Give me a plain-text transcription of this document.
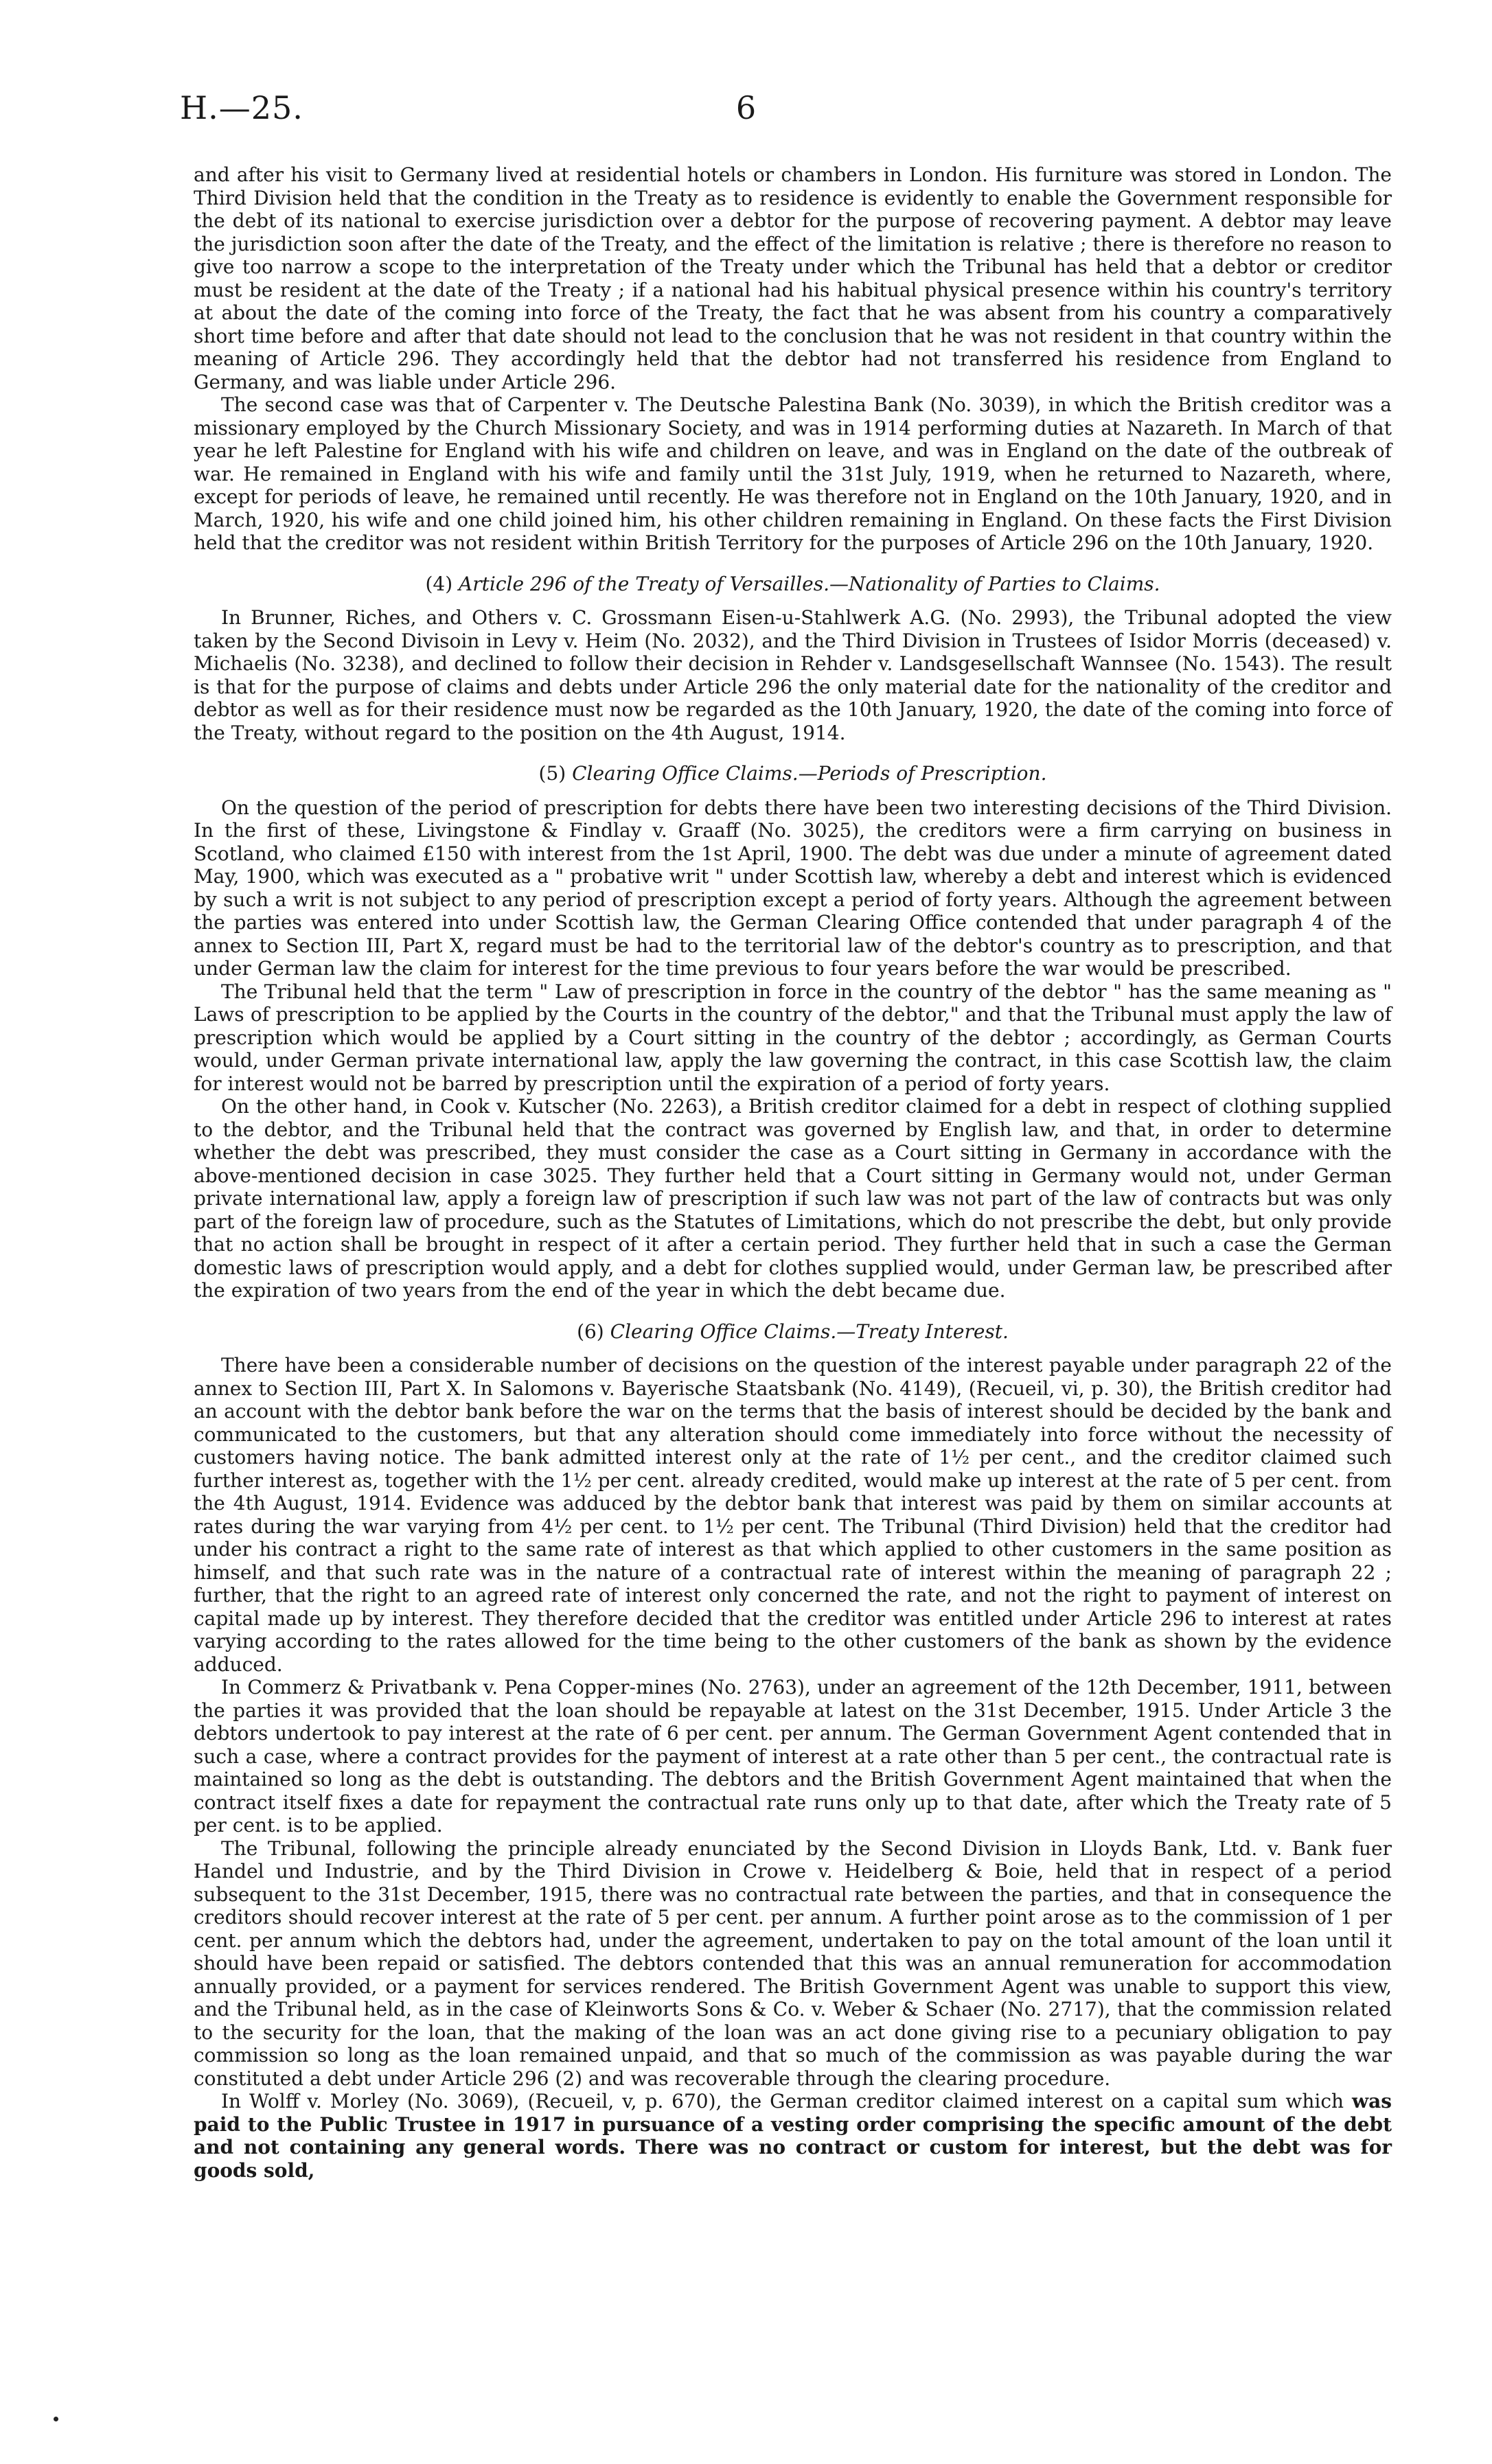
H.—25.	6

and after his visit to Germany lived at residential hotels or chambers in London. His furniture was stored in London. The Third Division held that the condition in the Treaty as to residence is evidently to enable the Government responsible for the debt of its national to exercise jurisdiction over a debtor for the purpose of recovering payment. A debtor may leave the jurisdiction soon after the date of the Treaty, and the effect of the limitation is relative ; there is therefore no reason to give too narrow a scope to the interpretation of the Treaty under which the Tribunal has held that a debtor or creditor must be resident at the date of the Treaty ; if a national had his habitual physical presence within his country's territory at about the date of the coming into force of the Treaty, the fact that he was absent from his country a comparatively short time before and after that date should not lead to the conclusion that he was not resident in that country within the meaning of Article 296. They accordingly held that the debtor had not transferred his residence from England to Germany, and was liable under Article 296.

The second case was that of Carpenter v. The Deutsche Palestina Bank (No. 3039), in which the British creditor was a missionary employed by the Church Missionary Society, and was in 1914 performing duties at Nazareth. In March of that year he left Palestine for England with his wife and children on leave, and was in England on the date of the outbreak of war. He remained in England with his wife and family until the 31st July, 1919, when he returned to Nazareth, where, except for periods of leave, he remained until recently. He was therefore not in England on the 10th January, 1920, and in March, 1920, his wife and one child joined him, his other children remaining in England. On these facts the First Division held that the creditor was not resident within British Territory for the purposes of Article 296 on the 10th January, 1920.

(4) Article 296 of the Treaty of Versailles.—Nationality of Parties to Claims.

In Brunner, Riches, and Others v. C. Grossmann Eisen-u-Stahlwerk A.G. (No. 2993), the Tribunal adopted the view taken by the Second Divisoin in Levy v. Heim (No. 2032), and the Third Division in Trustees of Isidor Morris (deceased) v. Michaelis (No. 3238), and declined to follow their decision in Rehder v. Landsgesellschaft Wannsee (No. 1543). The result is that for the purpose of claims and debts under Article 296 the only material date for the nationality of the creditor and debtor as well as for their residence must now be regarded as the 10th January, 1920, the date of the coming into force of the Treaty, without regard to the position on the 4th August, 1914.

(5) Clearing Office Claims.—Periods of Prescription.

On the question of the period of prescription for debts there have been two interesting decisions of the Third Division. In the first of these, Livingstone & Findlay v. Graaff (No. 3025), the creditors were a firm carrying on business in Scotland, who claimed £150 with interest from the 1st April, 1900. The debt was due under a minute of agreement dated May, 1900, which was executed as a " probative writ " under Scottish law, whereby a debt and interest which is evidenced by such a writ is not subject to any period of prescription except a period of forty years. Although the agreement between the parties was entered into under Scottish law, the German Clearing Office contended that under paragraph 4 of the annex to Section III, Part X, regard must be had to the territorial law of the debtor's country as to prescription, and that under German law the claim for interest for the time previous to four years before the war would be prescribed.

The Tribunal held that the term " Law of prescription in force in the country of the debtor " has the same meaning as " Laws of prescription to be applied by the Courts in the country of the debtor," and that the Tribunal must apply the law of prescription which would be applied by a Court sitting in the country of the debtor ; accordingly, as German Courts would, under German private international law, apply the law governing the contract, in this case Scottish law, the claim for interest would not be barred by prescription until the expiration of a period of forty years.

On the other hand, in Cook v. Kutscher (No. 2263), a British creditor claimed for a debt in respect of clothing supplied to the debtor, and the Tribunal held that the contract was governed by English law, and that, in order to determine whether the debt was prescribed, they must consider the case as a Court sitting in Germany in accordance with the above-mentioned decision in case 3025. They further held that a Court sitting in Germany would not, under German private international law, apply a foreign law of prescription if such law was not part of the law of contracts but was only part of the foreign law of procedure, such as the Statutes of Limitations, which do not prescribe the debt, but only provide that no action shall be brought in respect of it after a certain period. They further held that in such a case the German domestic laws of prescription would apply, and a debt for clothes supplied would, under German law, be prescribed after the expiration of two years from the end of the year in which the debt became due.

(6) Clearing Office Claims.—Treaty Interest.

There have been a considerable number of decisions on the question of the interest payable under paragraph 22 of the annex to Section III, Part X. In Salomons v. Bayerische Staatsbank (No. 4149), (Recueil, vi, p. 30), the British creditor had an account with the debtor bank before the war on the terms that the basis of interest should be decided by the bank and communicated to the customers, but that any alteration should come immediately into force without the necessity of customers having notice. The bank admitted interest only at the rate of 1½ per cent., and the creditor claimed such further interest as, together with the 1½ per cent. already credited, would make up interest at the rate of 5 per cent. from the 4th August, 1914. Evidence was adduced by the debtor bank that interest was paid by them on similar accounts at rates during the war varying from 4½ per cent. to 1½ per cent. The Tribunal (Third Division) held that the creditor had under his contract a right to the same rate of interest as that which applied to other customers in the same position as himself, and that such rate was in the nature of a contractual rate of interest within the meaning of paragraph 22 ; further, that the right to an agreed rate of interest only concerned the rate, and not the right to payment of interest on capital made up by interest. They therefore decided that the creditor was entitled under Article 296 to interest at rates varying according to the rates allowed for the time being to the other customers of the bank as shown by the evidence adduced.

In Commerz & Privatbank v. Pena Copper-mines (No. 2763), under an agreement of the 12th December, 1911, between the parties it was provided that the loan should be repayable at latest on the 31st December, 1915. Under Article 3 the debtors undertook to pay interest at the rate of 6 per cent. per annum. The German Government Agent contended that in such a case, where a contract provides for the payment of interest at a rate other than 5 per cent., the contractual rate is maintained so long as the debt is outstanding. The debtors and the British Government Agent maintained that when the contract itself fixes a date for repayment the contractual rate runs only up to that date, after which the Treaty rate of 5 per cent. is to be applied.

The Tribunal, following the principle already enunciated by the Second Division in Lloyds Bank, Ltd. v. Bank fuer Handel und Industrie, and by the Third Division in Crowe v. Heidelberg & Boie, held that in respect of a period subsequent to the 31st December, 1915, there was no contractual rate between the parties, and that in consequence the creditors should recover interest at the rate of 5 per cent. per annum. A further point arose as to the commission of 1 per cent. per annum which the debtors had, under the agreement, undertaken to pay on the total amount of the loan until it should have been repaid or satisfied. The debtors contended that this was an annual remuneration for accommodation annually provided, or a payment for services rendered. The British Government Agent was unable to support this view, and the Tribunal held, as in the case of Kleinworts Sons & Co. v. Weber & Schaer (No. 2717), that the commission related to the security for the loan, that the making of the loan was an act done giving rise to a pecuniary obligation to pay commission so long as the loan remained unpaid, and that so much of the commission as was payable during the war constituted a debt under Article 296 (2) and was recoverable through the clearing procedure.

In Wolff v. Morley (No. 3069), (Recueil, v, p. 670), the German creditor claimed interest on a capital sum which was paid to the Public Trustee in 1917 in pursuance of a vesting order comprising the specific amount of the debt and not containing any general words. There was no contract or custom for interest, but the debt was for goods sold,
